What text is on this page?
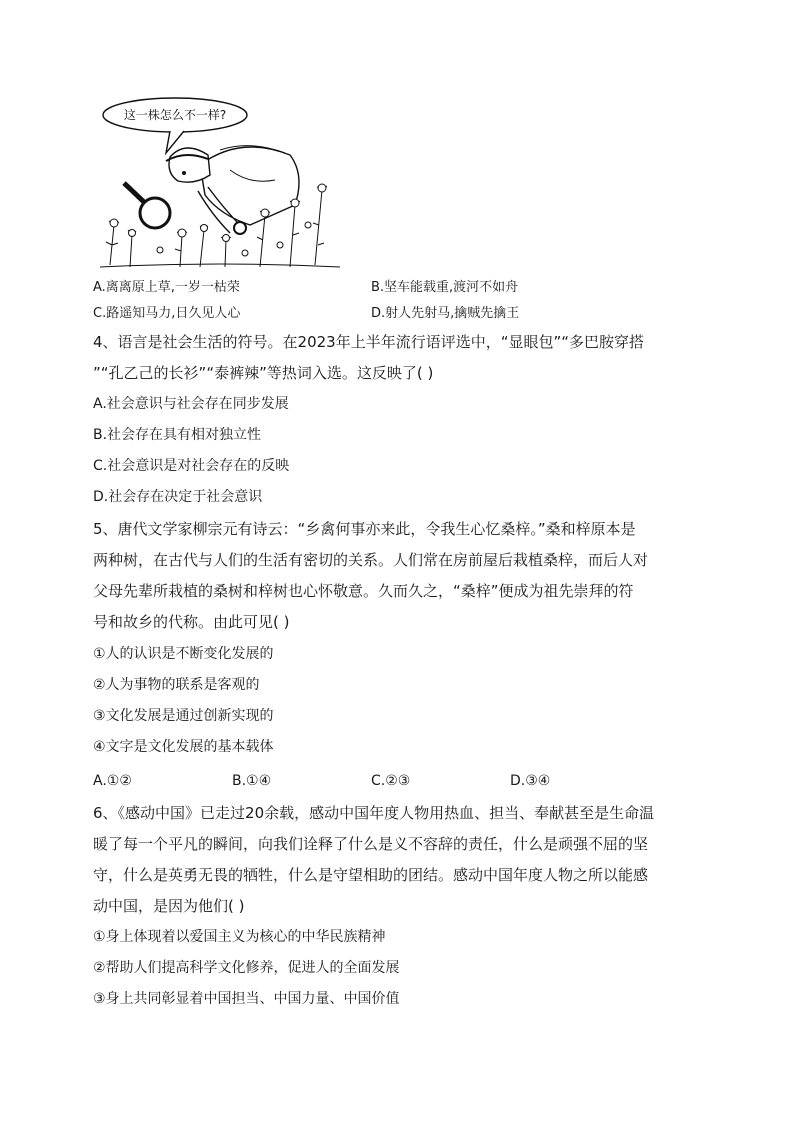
这一株怎么不一样?
A.离离原上草,一岁一枯荣	B.坚车能载重,渡河不如舟
C.路遥知马力,日久见人心	D.射人先射马,擒贼先擒王
4、语言是社会生活的符号。在2023年上半年流行语评选中，“显眼包”“多巴胺穿搭
”“孔乙己的长衫”“泰裤辣”等热词入选。这反映了( )
A.社会意识与社会存在同步发展
B.社会存在具有相对独立性
C.社会意识是对社会存在的反映
D.社会存在决定于社会意识
5、唐代文学家柳宗元有诗云：“乡禽何事亦来此，令我生心忆桑梓。”桑和梓原本是
两种树，在古代与人们的生活有密切的关系。人们常在房前屋后栽植桑梓，而后人对
父母先辈所栽植的桑树和梓树也心怀敬意。久而久之，“桑梓”便成为祖先崇拜的符
号和故乡的代称。由此可见( )
①人的认识是不断变化发展的
②人为事物的联系是客观的
③文化发展是通过创新实现的
④文字是文化发展的基本载体
A.①②	B.①④	C.②③	D.③④
6、《感动中国》已走过20余载，感动中国年度人物用热血、担当、奉献甚至是生命温
暖了每一个平凡的瞬间，向我们诠释了什么是义不容辞的责任，什么是顽强不屈的坚
守，什么是英勇无畏的牺牲，什么是守望相助的团结。感动中国年度人物之所以能感
动中国，是因为他们( )
①身上体现着以爱国主义为核心的中华民族精神
②帮助人们提高科学文化修养，促进人的全面发展
③身上共同彰显着中国担当、中国力量、中国价值
